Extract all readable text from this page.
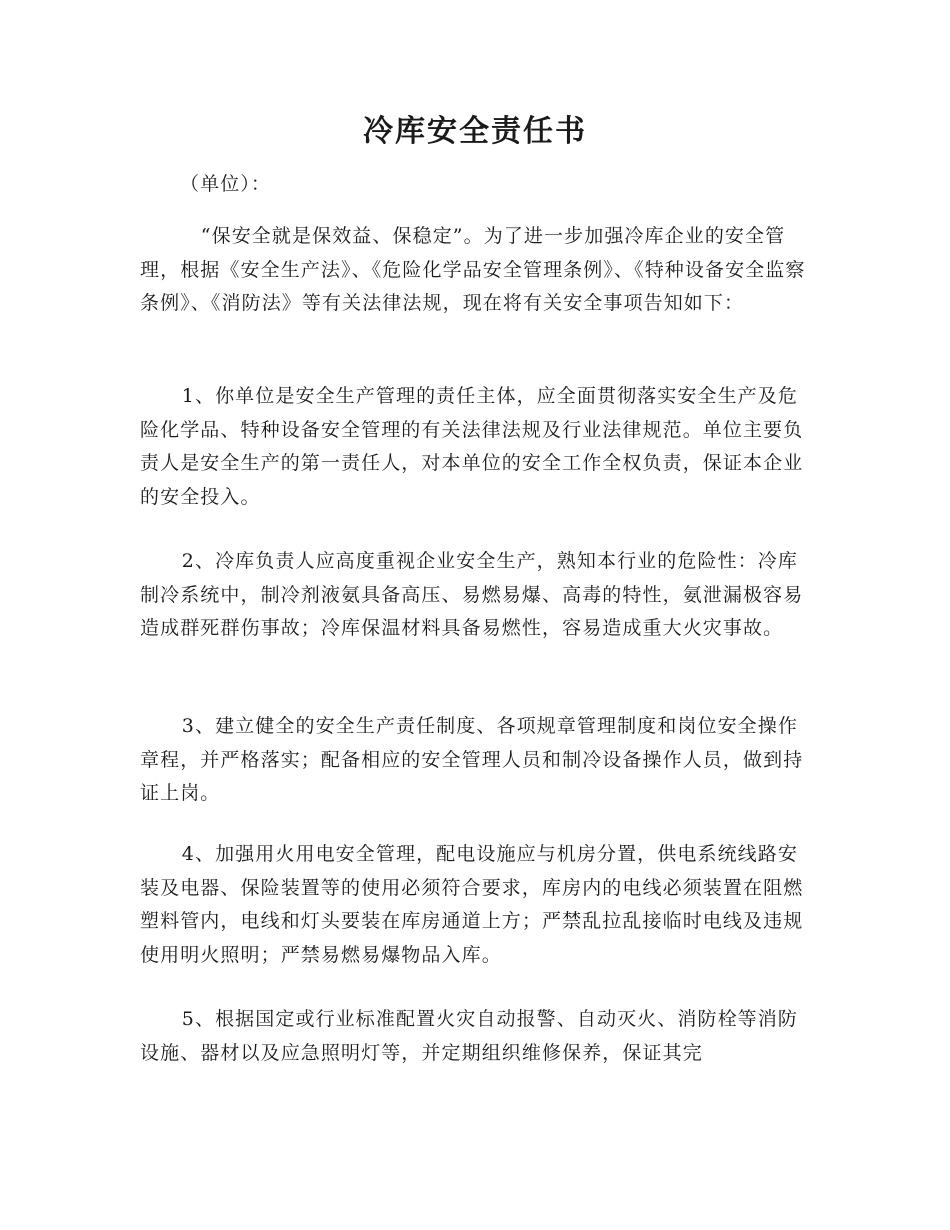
冷库安全责任书

（单位）：

“保安全就是保效益、保稳定”。为了进一步加强冷库企业的安全管理，根据《安全生产法》、《危险化学品安全管理条例》、《特种设备安全监察条例》、《消防法》等有关法律法规，现在将有关安全事项告知如下：

1、你单位是安全生产管理的责任主体，应全面贯彻落实安全生产及危险化学品、特种设备安全管理的有关法律法规及行业法律规范。单位主要负责人是安全生产的第一责任人，对本单位的安全工作全权负责，保证本企业的安全投入。

2、冷库负责人应高度重视企业安全生产，熟知本行业的危险性：冷库制冷系统中，制冷剂液氨具备高压、易燃易爆、高毒的特性，氨泄漏极容易造成群死群伤事故；冷库保温材料具备易燃性，容易造成重大火灾事故。

3、建立健全的安全生产责任制度、各项规章管理制度和岗位安全操作章程，并严格落实；配备相应的安全管理人员和制冷设备操作人员，做到持证上岗。

4、加强用火用电安全管理，配电设施应与机房分置，供电系统线路安装及电器、保险装置等的使用必须符合要求，库房内的电线必须装置在阻燃塑料管内，电线和灯头要装在库房通道上方；严禁乱拉乱接临时电线及违规使用明火照明；严禁易燃易爆物品入库。

5、根据国定或行业标准配置火灾自动报警、自动灭火、消防栓等消防设施、器材以及应急照明灯等，并定期组织维修保养，保证其完
